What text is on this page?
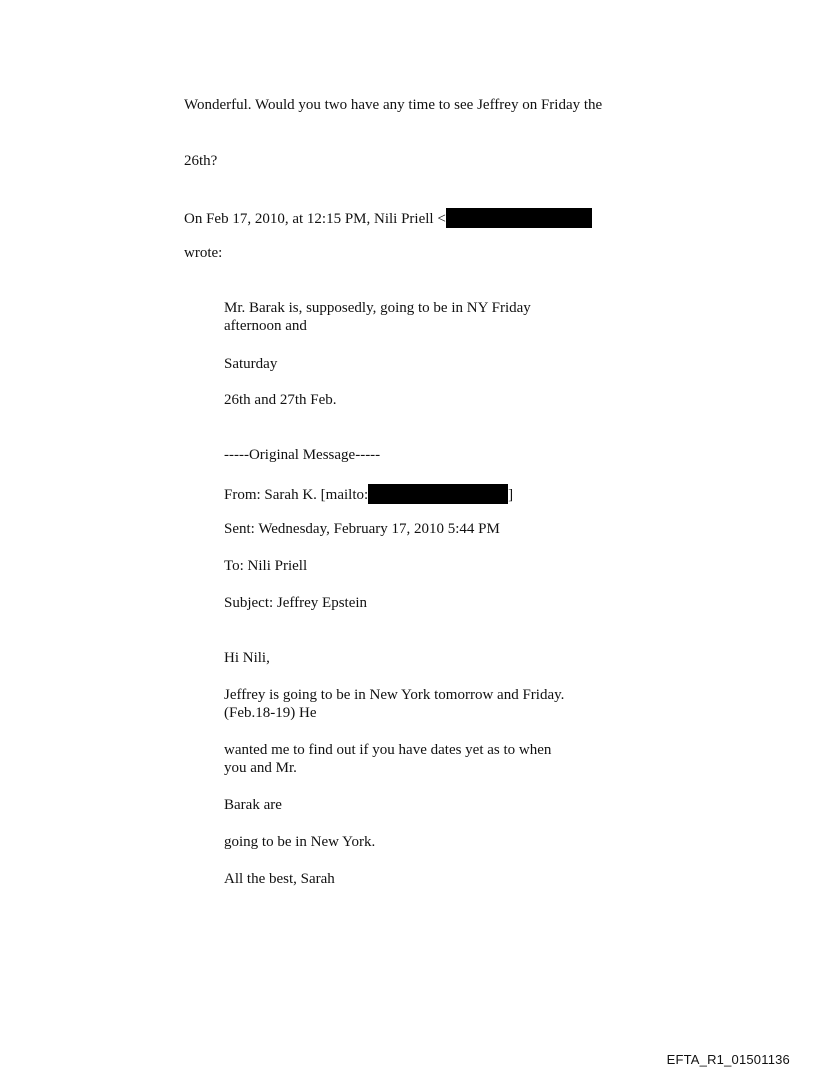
Wonderful. Would you two have any time to see Jeffrey on Friday the
26th?
On Feb 17, 2010, at 12:15 PM, Nili Priell <
wrote:
Mr. Barak is, supposedly, going to be in NY Friday
afternoon and
Saturday
26th and 27th Feb.
-----Original Message-----
From: Sarah K. [mailto:	]
Sent: Wednesday, February 17, 2010 5:44 PM
To: Nili Priell
Subject: Jeffrey Epstein
Hi Nili,
Jeffrey is going to be in New York tomorrow and Friday.
(Feb.18-19) He
wanted me to find out if you have dates yet as to when
you and Mr.
Barak are
going to be in New York.
All the best, Sarah
EFTA_R1_01501136
